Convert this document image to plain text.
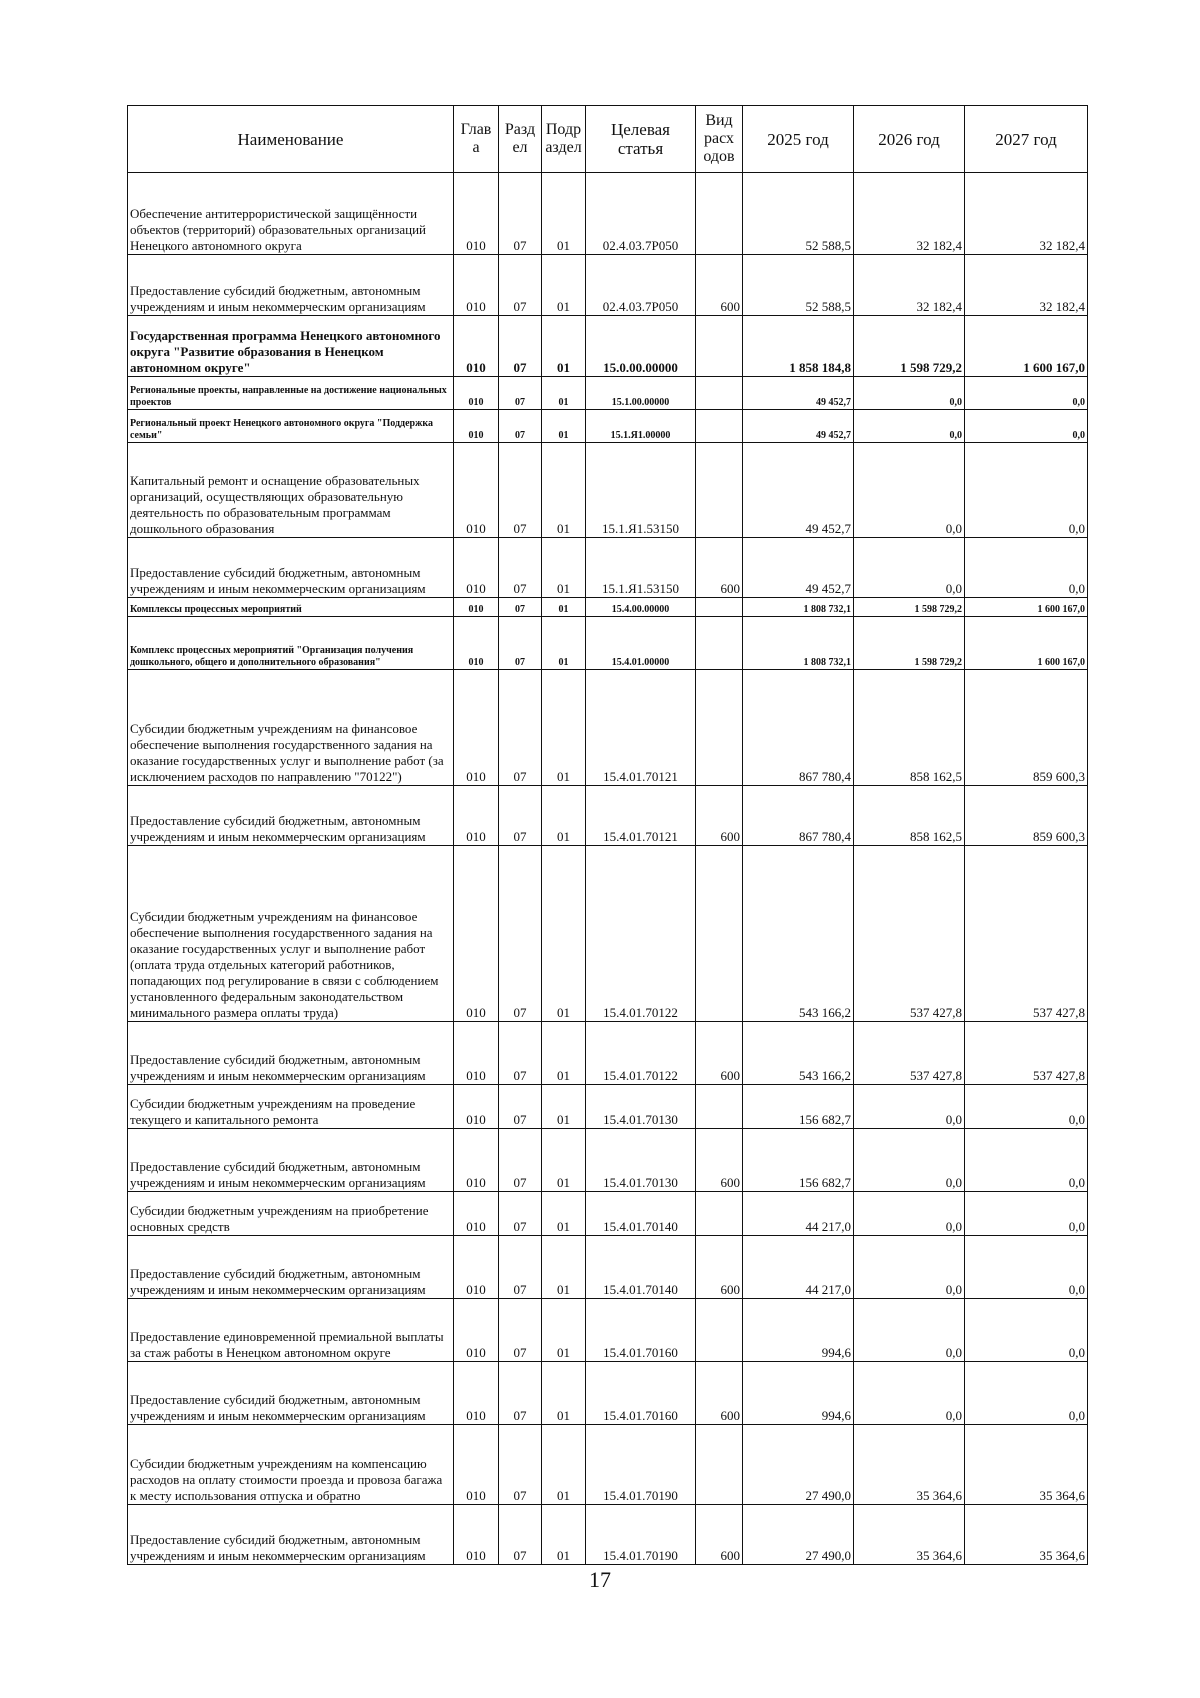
Наименование	Глав а	Разд ел	Подр аздел	Целевая статья	Вид расх одов	2025 год	2026 год	2027 год
Обеспечение антитеррористической защищённости объектов (территорий) образовательных организаций Ненецкого автономного округа	010	07	01	02.4.03.7Р050		52 588,5	32 182,4	32 182,4
Предоставление субсидий бюджетным, автономным учреждениям и иным некоммерческим организациям	010	07	01	02.4.03.7Р050	600	52 588,5	32 182,4	32 182,4
Государственная программа Ненецкого автономного округа "Развитие образования в Ненецком автономном округе"	010	07	01	15.0.00.00000		1 858 184,8	1 598 729,2	1 600 167,0
Региональные проекты, направленные на достижение национальных проектов	010	07	01	15.1.00.00000		49 452,7	0,0	0,0
Региональный проект Ненецкого автономного округа "Поддержка семьи"	010	07	01	15.1.Я1.00000		49 452,7	0,0	0,0
Капитальный ремонт и оснащение образовательных организаций, осуществляющих образовательную деятельность по образовательным программам дошкольного образования	010	07	01	15.1.Я1.53150		49 452,7	0,0	0,0
Предоставление субсидий бюджетным, автономным учреждениям и иным некоммерческим организациям	010	07	01	15.1.Я1.53150	600	49 452,7	0,0	0,0
Комплексы процессных мероприятий	010	07	01	15.4.00.00000		1 808 732,1	1 598 729,2	1 600 167,0
Комплекс процессных мероприятий "Организация получения дошкольного, общего и дополнительного образования"	010	07	01	15.4.01.00000		1 808 732,1	1 598 729,2	1 600 167,0
Субсидии бюджетным учреждениям на финансовое обеспечение выполнения государственного задания на оказание государственных услуг и выполнение работ (за исключением расходов по направлению "70122")	010	07	01	15.4.01.70121		867 780,4	858 162,5	859 600,3
Предоставление субсидий бюджетным, автономным учреждениям и иным некоммерческим организациям	010	07	01	15.4.01.70121	600	867 780,4	858 162,5	859 600,3
Субсидии бюджетным учреждениям на финансовое обеспечение выполнения государственного задания на оказание государственных услуг и выполнение работ (оплата труда отдельных категорий работников, попадающих под регулирование в связи с соблюдением установленного федеральным законодательством минимального размера оплаты труда)	010	07	01	15.4.01.70122		543 166,2	537 427,8	537 427,8
Предоставление субсидий бюджетным, автономным учреждениям и иным некоммерческим организациям	010	07	01	15.4.01.70122	600	543 166,2	537 427,8	537 427,8
Субсидии бюджетным учреждениям на проведение текущего и капитального ремонта	010	07	01	15.4.01.70130		156 682,7	0,0	0,0
Предоставление субсидий бюджетным, автономным учреждениям и иным некоммерческим организациям	010	07	01	15.4.01.70130	600	156 682,7	0,0	0,0
Субсидии бюджетным учреждениям на приобретение основных средств	010	07	01	15.4.01.70140		44 217,0	0,0	0,0
Предоставление субсидий бюджетным, автономным учреждениям и иным некоммерческим организациям	010	07	01	15.4.01.70140	600	44 217,0	0,0	0,0
Предоставление единовременной премиальной выплаты за стаж работы в Ненецком автономном округе	010	07	01	15.4.01.70160		994,6	0,0	0,0
Предоставление субсидий бюджетным, автономным учреждениям и иным некоммерческим организациям	010	07	01	15.4.01.70160	600	994,6	0,0	0,0
Субсидии бюджетным учреждениям на компенсацию расходов на оплату стоимости проезда и провоза багажа к месту использования отпуска и обратно	010	07	01	15.4.01.70190		27 490,0	35 364,6	35 364,6
Предоставление субсидий бюджетным, автономным учреждениям и иным некоммерческим организациям	010	07	01	15.4.01.70190	600	27 490,0	35 364,6	35 364,6
17
